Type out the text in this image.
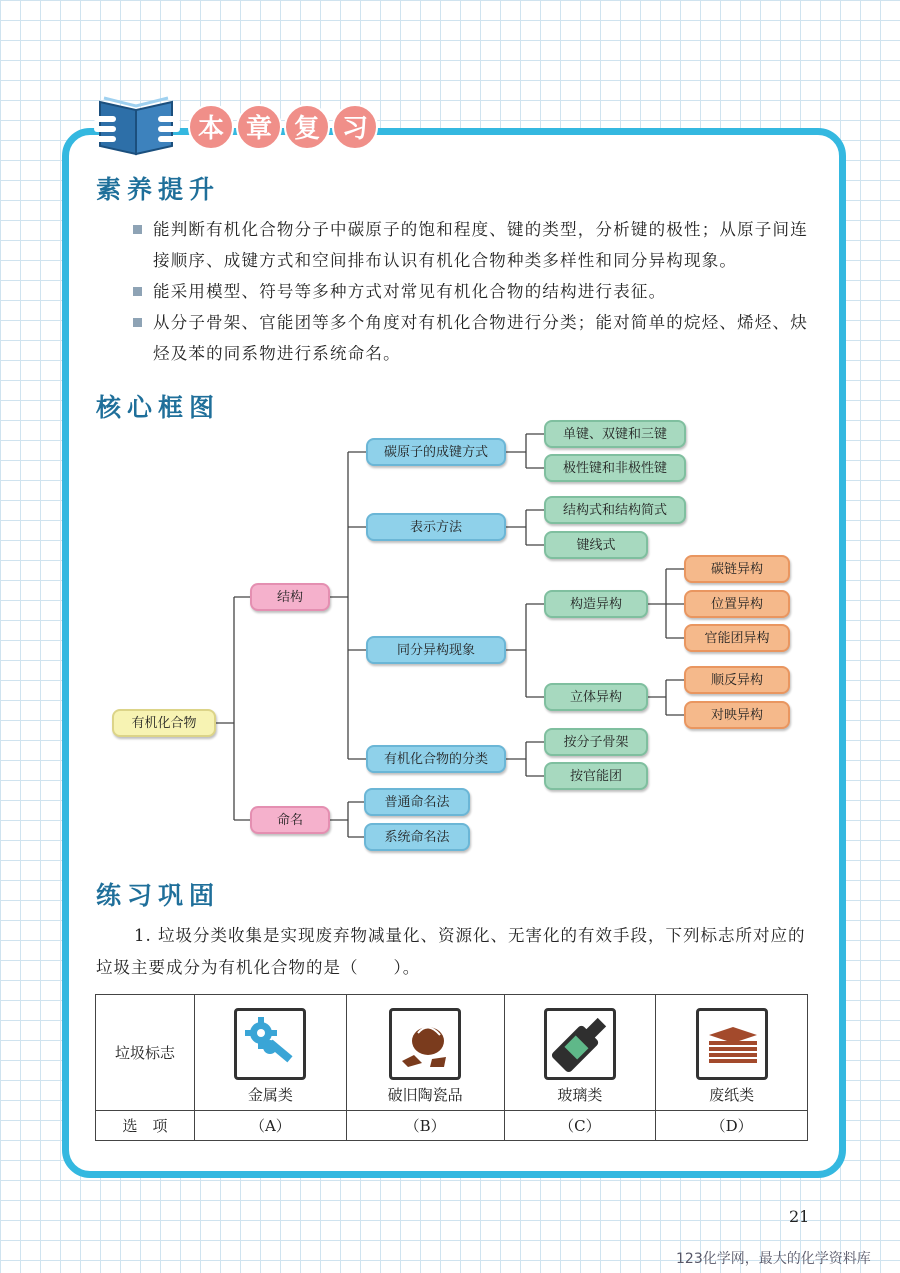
本 章 复 习
素养提升
能判断有机化合物分子中碳原子的饱和程度、键的类型，分析键的极性；从原子间连接顺序、成键方式和空间排布认识有机化合物种类多样性和同分异构现象。
能采用模型、符号等多种方式对常见有机化合物的结构进行表征。
从分子骨架、官能团等多个角度对有机化合物进行分类；能对简单的烷烃、烯烃、炔烃及苯的同系物进行系统命名。
核心框图
有机化合物
结构
命名
碳原子的成键方式
表示方法
同分异构现象
有机化合物的分类
普通命名法
系统命名法
单键、双键和三键
极性键和非极性键
结构式和结构简式
键线式
构造异构
立体异构
按分子骨架
按官能团
碳链异构
位置异构
官能团异构
顺反异构
对映异构
练习巩固
1. 垃圾分类收集是实现废弃物减量化、资源化、无害化的有效手段，下列标志所对应的垃圾主要成分为有机化合物的是（　　）。
垃圾标志	金属类	破旧陶瓷品	玻璃类	废纸类

选　项	（A）	（B）	（C）	（D）
21
123化学网，最大的化学资料库
